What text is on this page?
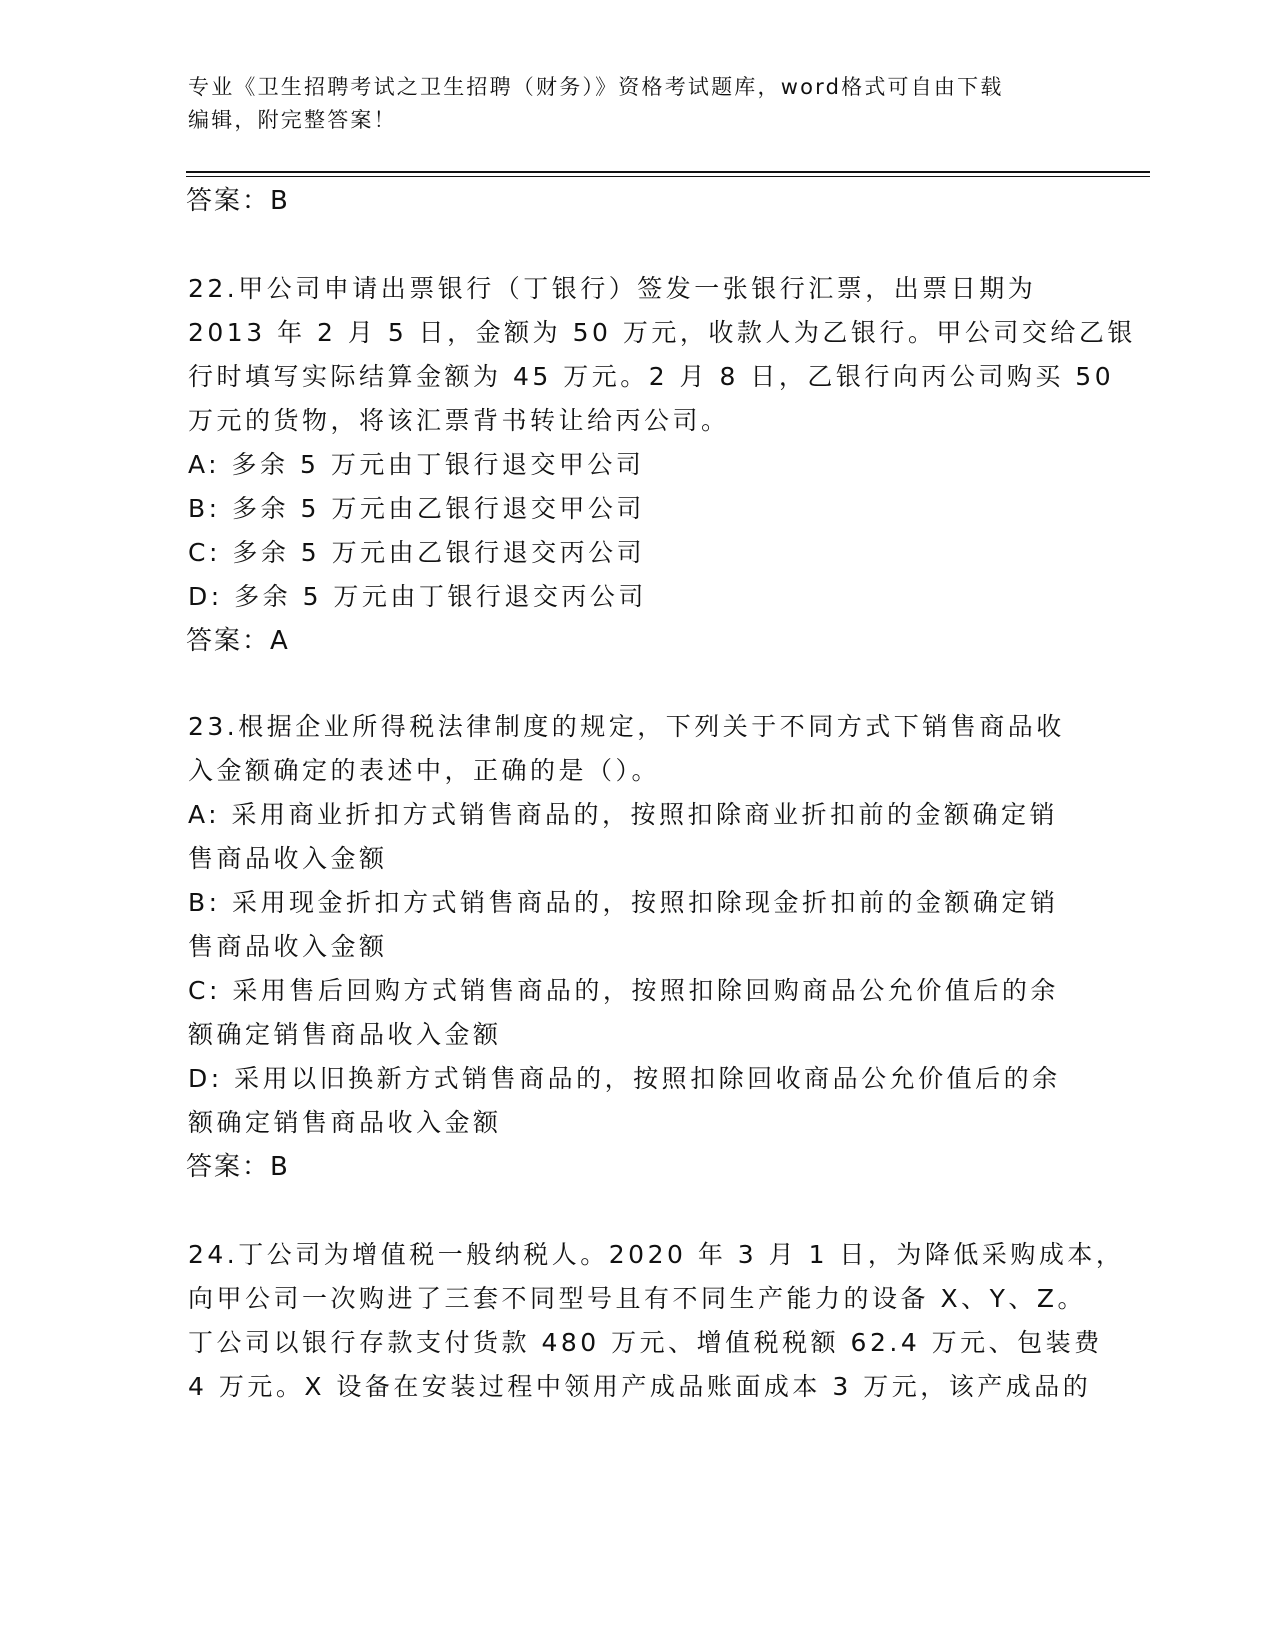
专业《卫生招聘考试之卫生招聘（财务）》资格考试题库，word格式可自由下载
编辑，附完整答案！
答案：B
22.甲公司申请出票银行（丁银行）签发一张银行汇票，出票日期为
2013 年 2 月 5 日，金额为 50 万元，收款人为乙银行。甲公司交给乙银
行时填写实际结算金额为 45 万元。2 月 8 日，乙银行向丙公司购买 50
万元的货物，将该汇票背书转让给丙公司。
A: 多余 5 万元由丁银行退交甲公司
B: 多余 5 万元由乙银行退交甲公司
C: 多余 5 万元由乙银行退交丙公司
D: 多余 5 万元由丁银行退交丙公司
答案：A
23.根据企业所得税法律制度的规定，下列关于不同方式下销售商品收
入金额确定的表述中，正确的是（）。
A: 采用商业折扣方式销售商品的，按照扣除商业折扣前的金额确定销
售商品收入金额
B: 采用现金折扣方式销售商品的，按照扣除现金折扣前的金额确定销
售商品收入金额
C: 采用售后回购方式销售商品的，按照扣除回购商品公允价值后的余
额确定销售商品收入金额
D: 采用以旧换新方式销售商品的，按照扣除回收商品公允价值后的余
额确定销售商品收入金额
答案：B
24.丁公司为增值税一般纳税人。2020 年 3 月 1 日，为降低采购成本，
向甲公司一次购进了三套不同型号且有不同生产能力的设备 X、Y、Z。
丁公司以银行存款支付货款 480 万元、增值税税额 62.4 万元、包装费
4 万元。X 设备在安装过程中领用产成品账面成本 3 万元，该产成品的
